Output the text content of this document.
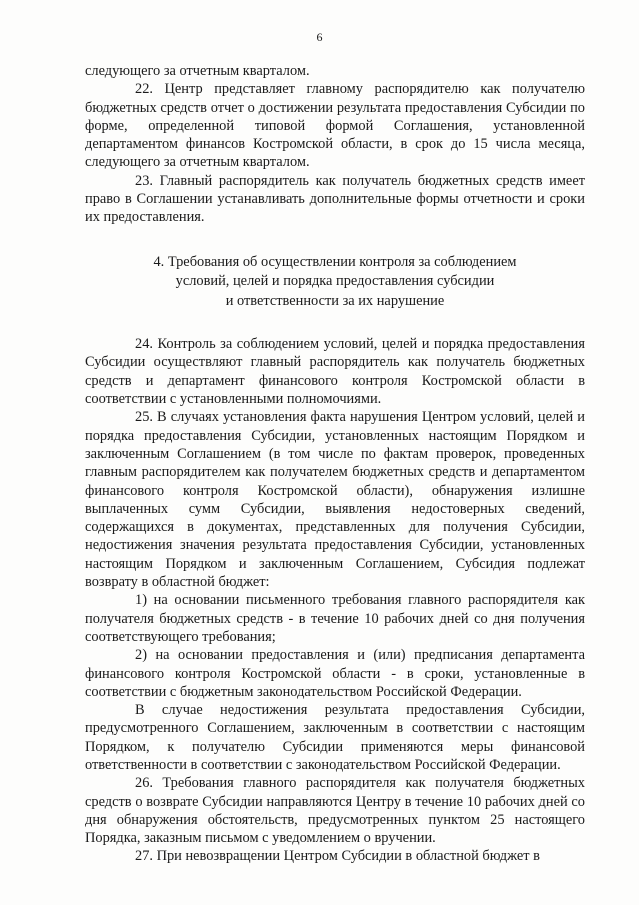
6

следующего за отчетным кварталом.

22. Центр представляет главному распорядителю как получателю бюджетных средств отчет о достижении результата предоставления Субсидии по форме, определенной типовой формой Соглашения, установленной департаментом финансов Костромской области, в срок до 15 числа месяца, следующего за отчетным кварталом.

23. Главный распорядитель как получатель бюджетных средств имеет право в Соглашении устанавливать дополнительные формы отчетности и сроки их предоставления.

4. Требования об осуществлении контроля за соблюдением
условий, целей и порядка предоставления субсидии
и ответственности за их нарушение

24. Контроль за соблюдением условий, целей и порядка предоставления Субсидии осуществляют главный распорядитель как получатель бюджетных средств и департамент финансового контроля Костромской области в соответствии с установленными полномочиями.

25. В случаях установления факта нарушения Центром условий, целей и порядка предоставления Субсидии, установленных настоящим Порядком и заключенным Соглашением (в том числе по фактам проверок, проведенных главным распорядителем как получателем бюджетных средств и департаментом финансового контроля Костромской области), обнаружения излишне выплаченных сумм Субсидии, выявления недостоверных сведений, содержащихся в документах, представленных для получения Субсидии, недостижения значения результата предоставления Субсидии, установленных настоящим Порядком и заключенным Соглашением, Субсидия подлежат возврату в областной бюджет:

1) на основании письменного требования главного распорядителя как получателя бюджетных средств - в течение 10 рабочих дней со дня получения соответствующего требования;

2) на основании предоставления и (или) предписания департамента финансового контроля Костромской области - в сроки, установленные в соответствии с бюджетным законодательством Российской Федерации.

В случае недостижения результата предоставления Субсидии, предусмотренного Соглашением, заключенным в соответствии с настоящим Порядком, к получателю Субсидии применяются меры финансовой ответственности в соответствии с законодательством Российской Федерации.

26. Требования главного распорядителя как получателя бюджетных средств о возврате Субсидии направляются Центру в течение 10 рабочих дней со дня обнаружения обстоятельств, предусмотренных пунктом 25 настоящего Порядка, заказным письмом с уведомлением о вручении.

27. При невозвращении Центром Субсидии в областной бюджет в
